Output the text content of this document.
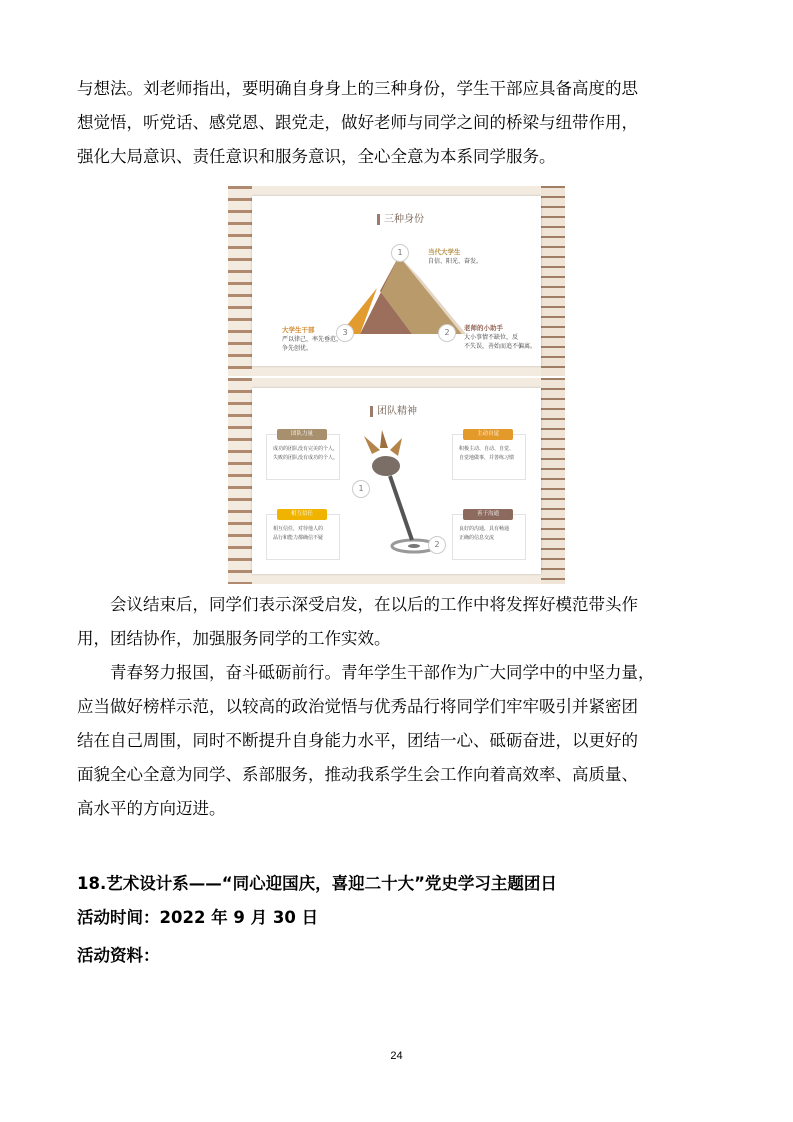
与想法。刘老师指出，要明确自身身上的三种身份，学生干部应具备高度的思
想觉悟，听党话、感党恩、跟党走，做好老师与同学之间的桥梁与纽带作用，
强化大局意识、责任意识和服务意识，全心全意为本系同学服务。

三种身份
1
2
3
当代大学生
自信、阳光、奋发。
老师的小助手
大小事情不缺位，反
不失误，善始而追不偏离。
大学生干部
严以律己，率先垂范，
争先创优。
团队精神
团队力量
成功的团队没有完美的个人，
失败的团队没有成功的个人。
主动自觉
积极主动、自动、自觉、
自觉地做事，并善练习惯
相互信任
相互信任，对待他人的
品行和能力都确信不疑
善于沟通
良好的沟通，具有畅通
正确的信息交流
1
2

会议结束后，同学们表示深受启发，在以后的工作中将发挥好模范带头作
用，团结协作，加强服务同学的工作实效。

青春努力报国，奋斗砥砺前行。青年学生干部作为广大同学中的中坚力量，
应当做好榜样示范，以较高的政治觉悟与优秀品行将同学们牢牢吸引并紧密团
结在自己周围，同时不断提升自身能力水平，团结一心、砥砺奋进，以更好的
面貌全心全意为同学、系部服务，推动我系学生会工作向着高效率、高质量、
高水平的方向迈进。

18.艺术设计系——“同心迎国庆，喜迎二十大”党史学习主题团日

活动时间：2022 年 9 月 30 日

活动资料：

24
